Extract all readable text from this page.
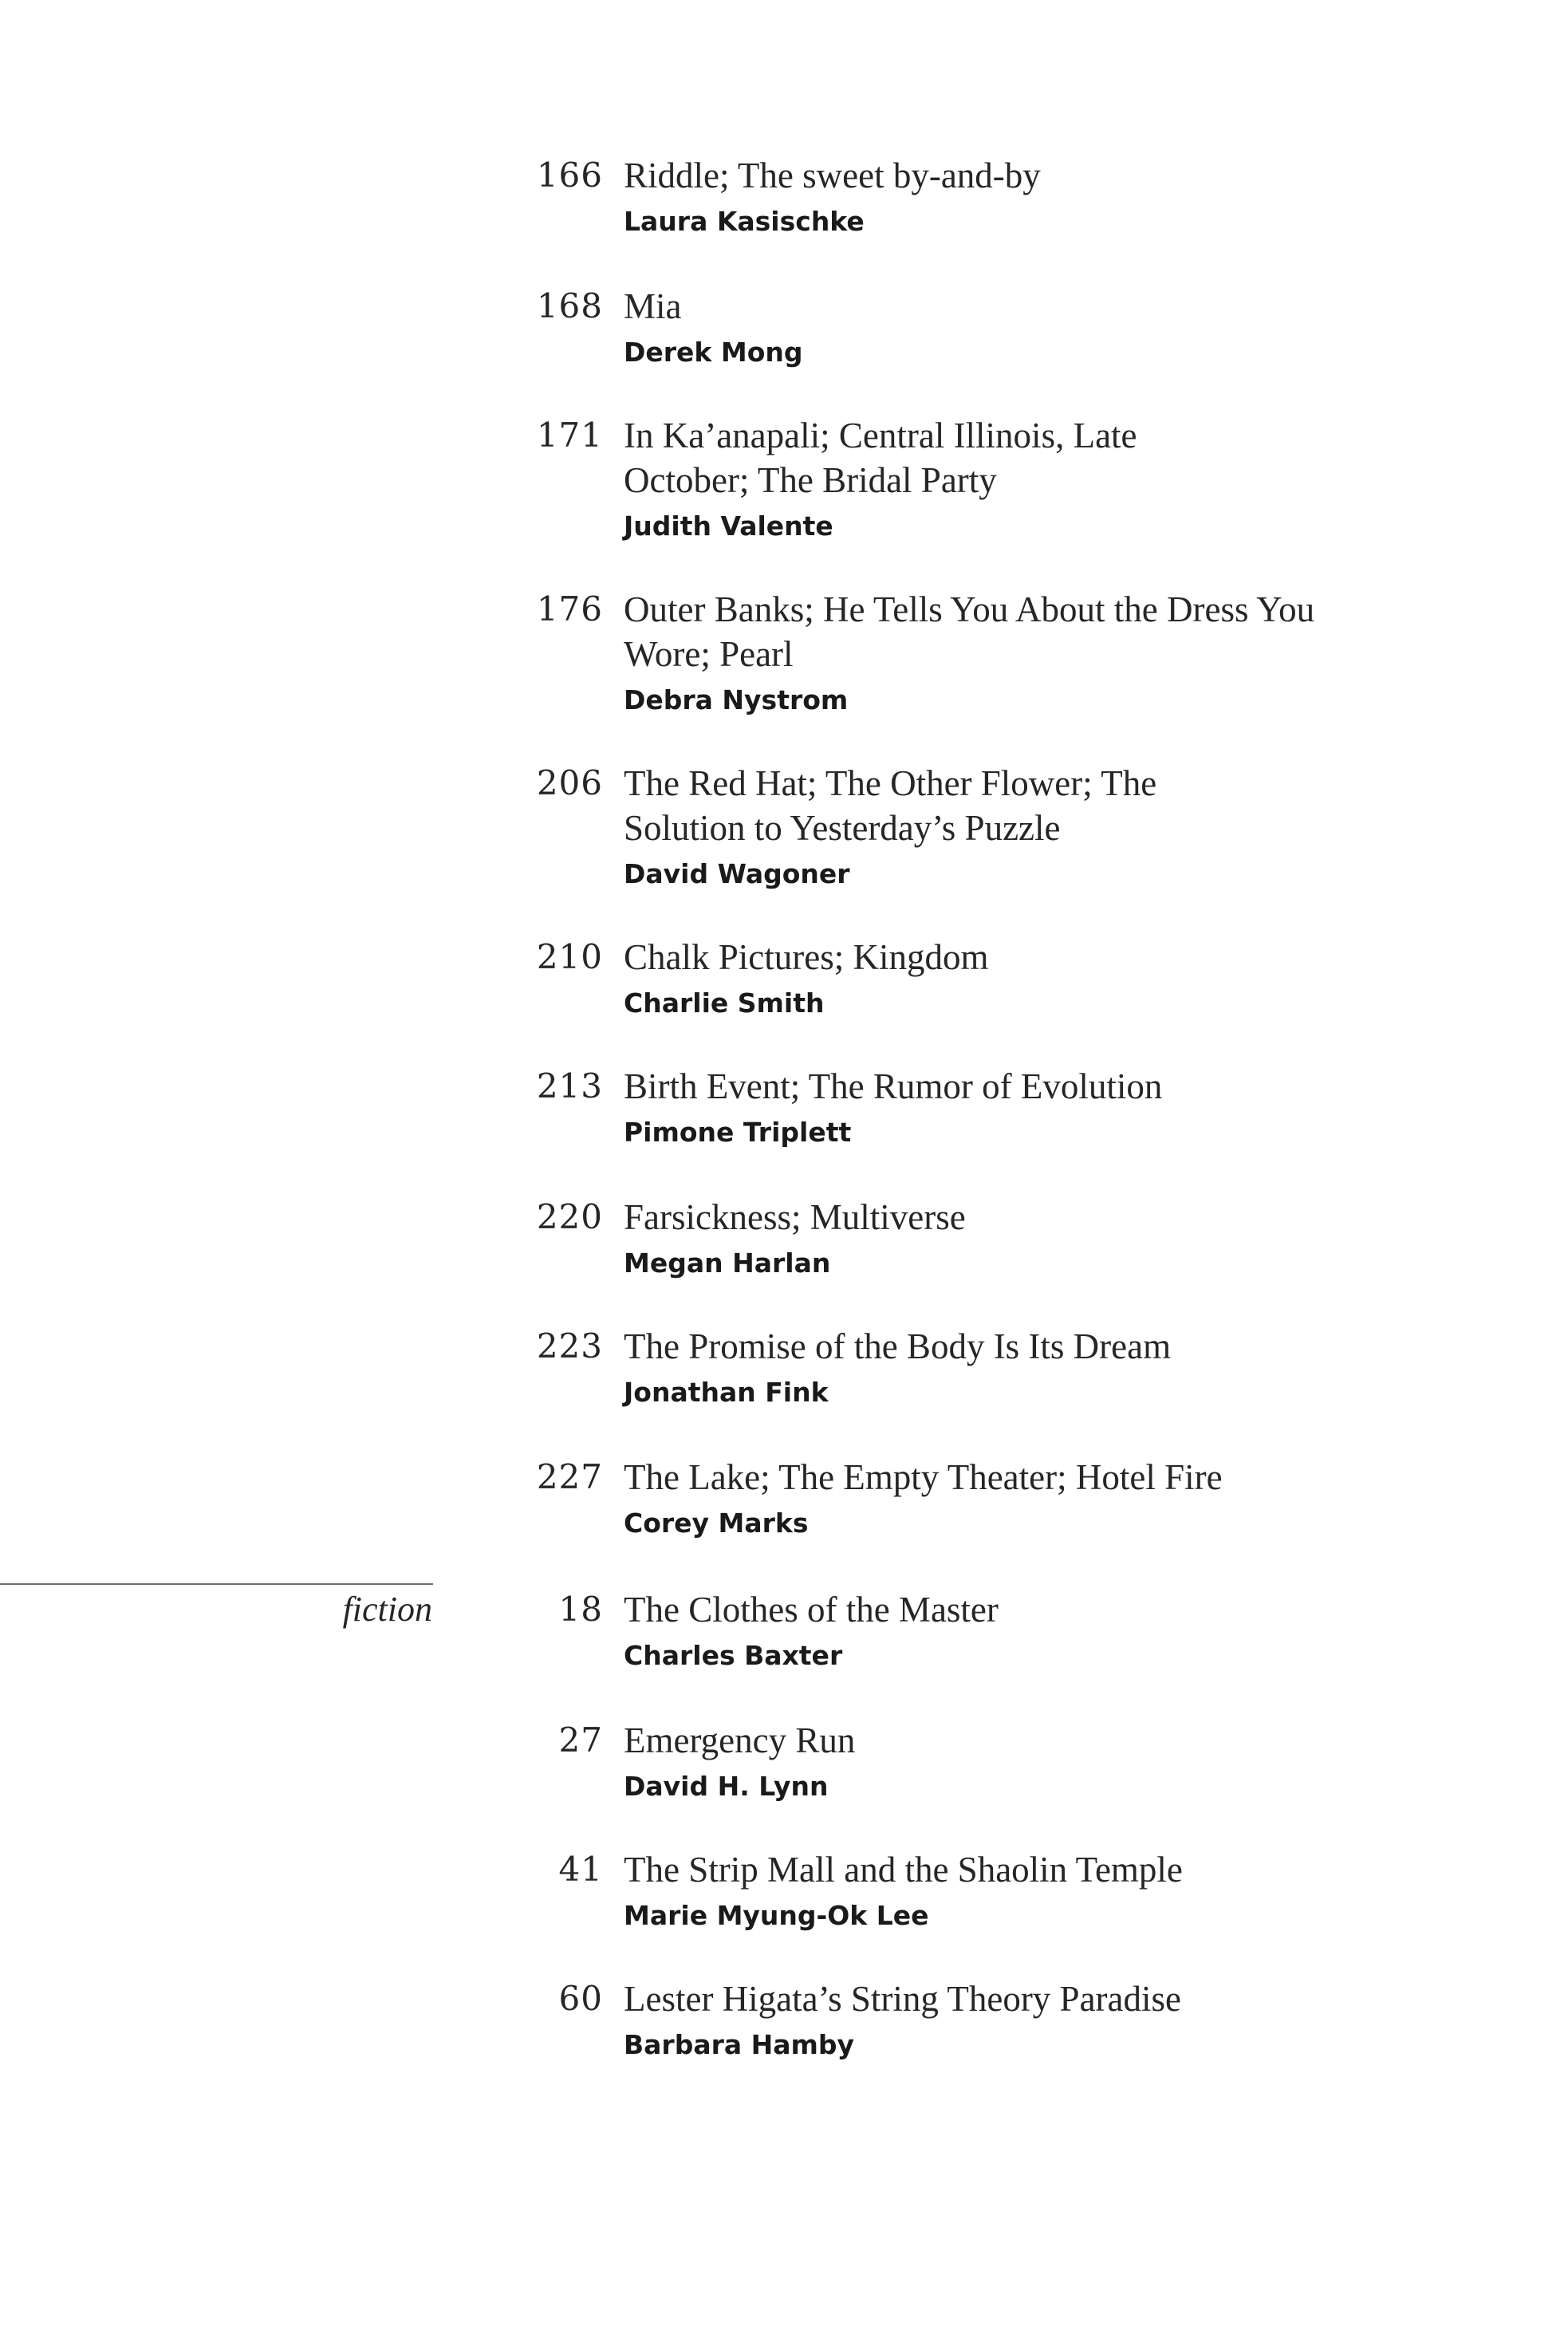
166 Riddle; The sweet by-and-by
Laura Kasischke
168 Mia
Derek Mong
171 In Ka’anapali; Central Illinois, Late October; The Bridal Party
Judith Valente
176 Outer Banks; He Tells You About the Dress You Wore; Pearl
Debra Nystrom
206 The Red Hat; The Other Flower; The Solution to Yesterday’s Puzzle
David Wagoner
210 Chalk Pictures; Kingdom
Charlie Smith
213 Birth Event; The Rumor of Evolution
Pimone Triplett
220 Farsickness; Multiverse
Megan Harlan
223 The Promise of the Body Is Its Dream
Jonathan Fink
227 The Lake; The Empty Theater; Hotel Fire
Corey Marks
fiction	18 The Clothes of the Master
Charles Baxter
27 Emergency Run
David H. Lynn
41 The Strip Mall and the Shaolin Temple
Marie Myung-Ok Lee
60 Lester Higata’s String Theory Paradise
Barbara Hamby
